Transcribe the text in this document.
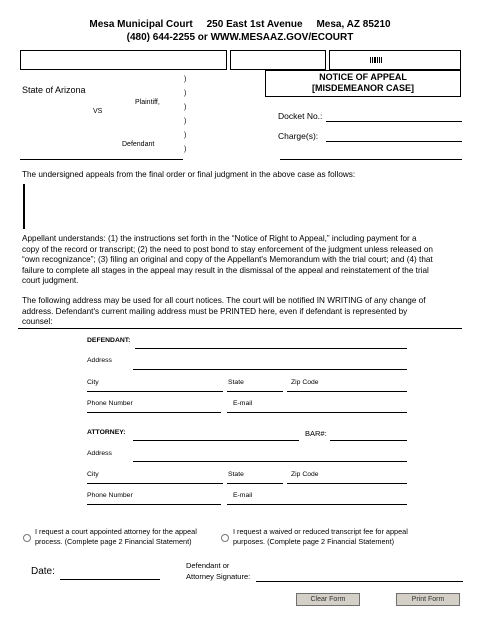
Mesa Municipal Court     250 East 1st Avenue     Mesa, AZ 85210
(480) 644-2255 or WWW.MESAAZ.GOV/ECOURT
State of Arizona
Plaintiff,
VS
Defendant
)
)
)
)
)
)
NOTICE OF APPEAL
[MISDEMEANOR CASE]
Docket No.:
Charge(s):
The undersigned appeals from the final order or final judgment in the above case as follows:
Appellant understands: (1) the instructions set forth in the “Notice of Right to Appeal,” including payment for a
copy of the record or transcript; (2) the need to post bond to stay enforcement of the judgment unless released on
“own recognizance”; (3) filing an original and copy of the Appellant's Memorandum with the trial court; and (4) that
failure to complete all stages in the appeal may result in the dismissal of the appeal and reinstatement of the trial
court judgment.
The following address may be used for all court notices. The court will be notified IN WRITING of any change of
address. Defendant's current mailing address must be PRINTED here, even if defendant is represented by
counsel:
DEFENDANT:
Address
City	State	Zip Code
Phone Number	E-mail
ATTORNEY:	BAR#:
Address
City	State	Zip Code
Phone Number	E-mail
I request a court appointed attorney for the appeal
process. (Complete page 2 Financial Statement)
I request a waived or reduced transcript fee for appeal
purposes. (Complete page 2 Financial Statement)
Date:
Defendant or
Attorney Signature:
Clear Form	Print Form
